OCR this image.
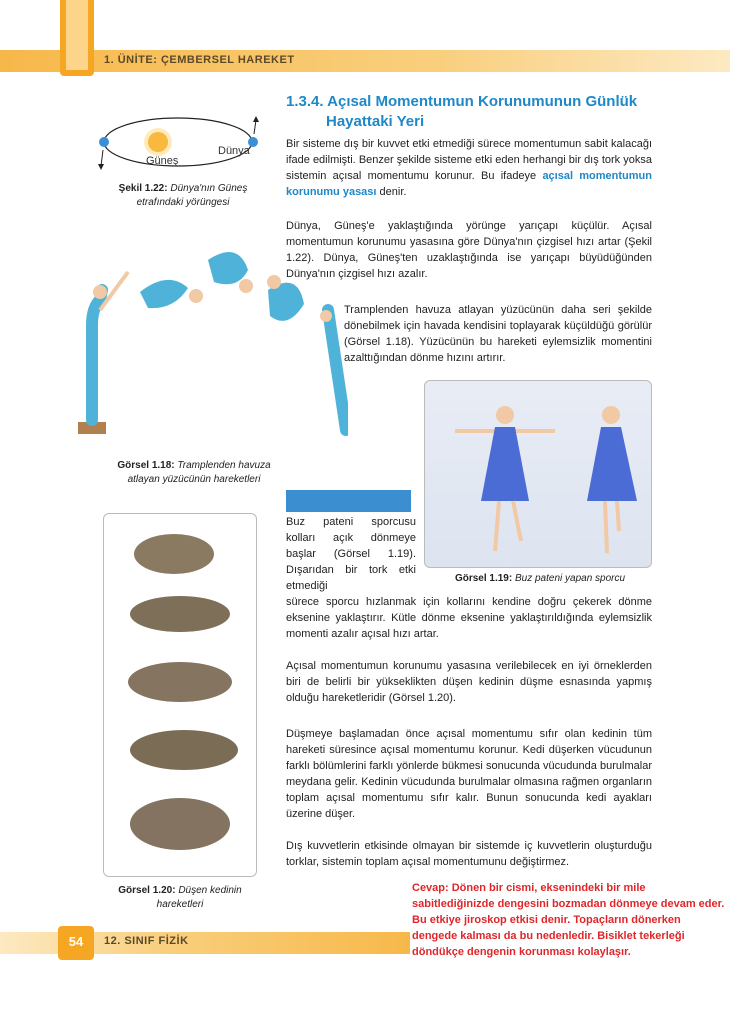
1. ÜNİTE: ÇEMBERSEL HAREKET
Güneş
Dünya
Şekil 1.22: Dünya'nın Güneş etrafındaki yörüngesi
1.3.4. Açısal Momentumun Korunumunun Günlük
Hayattaki Yeri
Bir sisteme dış bir kuvvet etki etmediği sürece momentumun sabit kalacağı ifade edilmişti. Benzer şekilde sisteme etki eden herhangi bir dış tork yoksa sistemin açısal momentumu korunur. Bu ifadeye açısal momentumun korunumu yasası denir.
Dünya, Güneş'e yaklaştığında yörünge yarıçapı küçülür. Açısal momentumun korunumu yasasına göre Dünya'nın çizgisel hızı artar (Şekil 1.22). Dünya, Güneş'ten uzaklaştığında ise yarıçapı büyüdüğünden Dünya'nın çizgisel hızı azalır.
Tramplenden havuza atlayan yüzücünün daha seri şekilde dönebilmek için havada kendisini toplayarak küçüldüğü görülür (Görsel 1.18). Yüzücünün bu hareketi eylemsizlik momentini azalttığından dönme hızını artırır.
Görsel 1.18: Tramplenden havuza atlayan yüzücünün hareketleri
Görsel 1.19: Buz pateni yapan sporcu
Buz pateni sporcusu kolları açık dönmeye başlar (Görsel 1.19). Dışarıdan bir tork etki etmediği
sürece sporcu hızlanmak için kollarını kendine doğru çekerek dönme eksenine yaklaştırır. Kütle dönme eksenine yaklaştırıldığında eylemsizlik momenti azalır açısal hızı artar.
Görsel 1.20: Düşen kedinin hareketleri
Açısal momentumun korunumu yasasına verilebilecek en iyi örneklerden biri de belirli bir yükseklikten düşen kedinin düşme esnasında yapmış olduğu hareketleridir (Görsel 1.20).
Düşmeye başlamadan önce açısal momentumu sıfır olan kedinin tüm hareketi süresince açısal momentumu korunur. Kedi düşerken vücudunun farklı bölümlerini farklı yönlerde bükmesi sonucunda vücudunda burulmalar meydana gelir. Kedinin vücudunda burulmalar olmasına rağmen organların toplam açısal momentumu sıfır kalır. Bunun sonucunda kedi ayakları üzerine düşer.
Dış kuvvetlerin etkisinde olmayan bir sistemde iç kuvvetlerin oluşturduğu torklar, sistemin toplam açısal momentumunu değiştirmez.
54	12. SINIF FİZİK
Cevap: Dönen bir cismi, eksenindeki bir mile sabitlediğinizde dengesini bozmadan dönmeye devam eder. Bu etkiye jiroskop etkisi denir. Topaçların dönerken dengede kalması da bu nedenledir. Bisiklet tekerleği döndükçe dengenin korunması kolaylaşır.
